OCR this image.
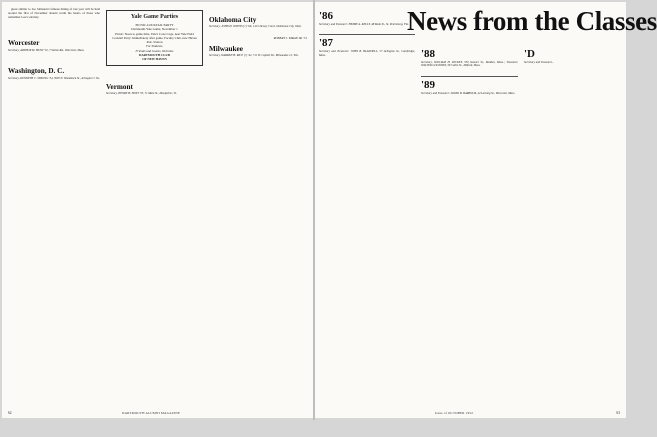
guest similar to Joe Johnston's famous dining of last year will be held around the first of November should warm the hearts of those who remember Leo's sobriety.

Worcester
Secretary, ARTHUR M. HUNT '32, 7 Sutton Rd., Worcester, Mass.

Washington, D. C.
Secretary, KENNETH C. STRONG '34, 3903 N. Woodstock St., Arlington 7, Va.
Yale Game Parties
PICNIC-COCKTAIL PARTY
Dartmouth-Yale Game, November 1
Picnic: Noon to game time, Yale's Coxe Cage, near Yale Field
Cocktail Party: Immediately after game, Faculty Club, new Haven
R.K. Station
For Students,
Friends and Guests, Welcome
DARTMOUTH CLUB
OF NEW HAVEN

Vermont
Secretary, HENRY H. HOYT '35, 71 Main St., Montpelier, Vt.

Oklahoma City
Secretary, JOHN H. OWENS (?) 'XX, 1415 Dewey Court, Oklahoma City, Okla.

ROBERT J. KIRAN JR. '31
Milwaukee
Secretary, WARREN H. RICE (?) '42, 711 W. Capitol Dr., Milwaukee 12, Wis.
62	DARTMOUTH ALUMNI MAGAZINE
News from the Classes
'86
Secretary and Treasurer: HENRY A. KELLY, 48 Main St., St. Petersburg, Fla.

'87
Secretary and Treasurer: JOHN B. BLANDELL, 57 Arlington St., Cambridge, Mass.

	'88
Secretary, WILLIAM H. DICKEY, 539 Sumner St., Malden, Mass.; Treasurer, WALTER GOODWIN, 58 Catlin St., Milford, Mass.

'89
Secretary and Treasurer: DAVID B. BARBOUR, 44 Lansing St., Worcester, Mass.

'D
Secretary and Treasurer...
Issue of OCTOBER 1952	63
